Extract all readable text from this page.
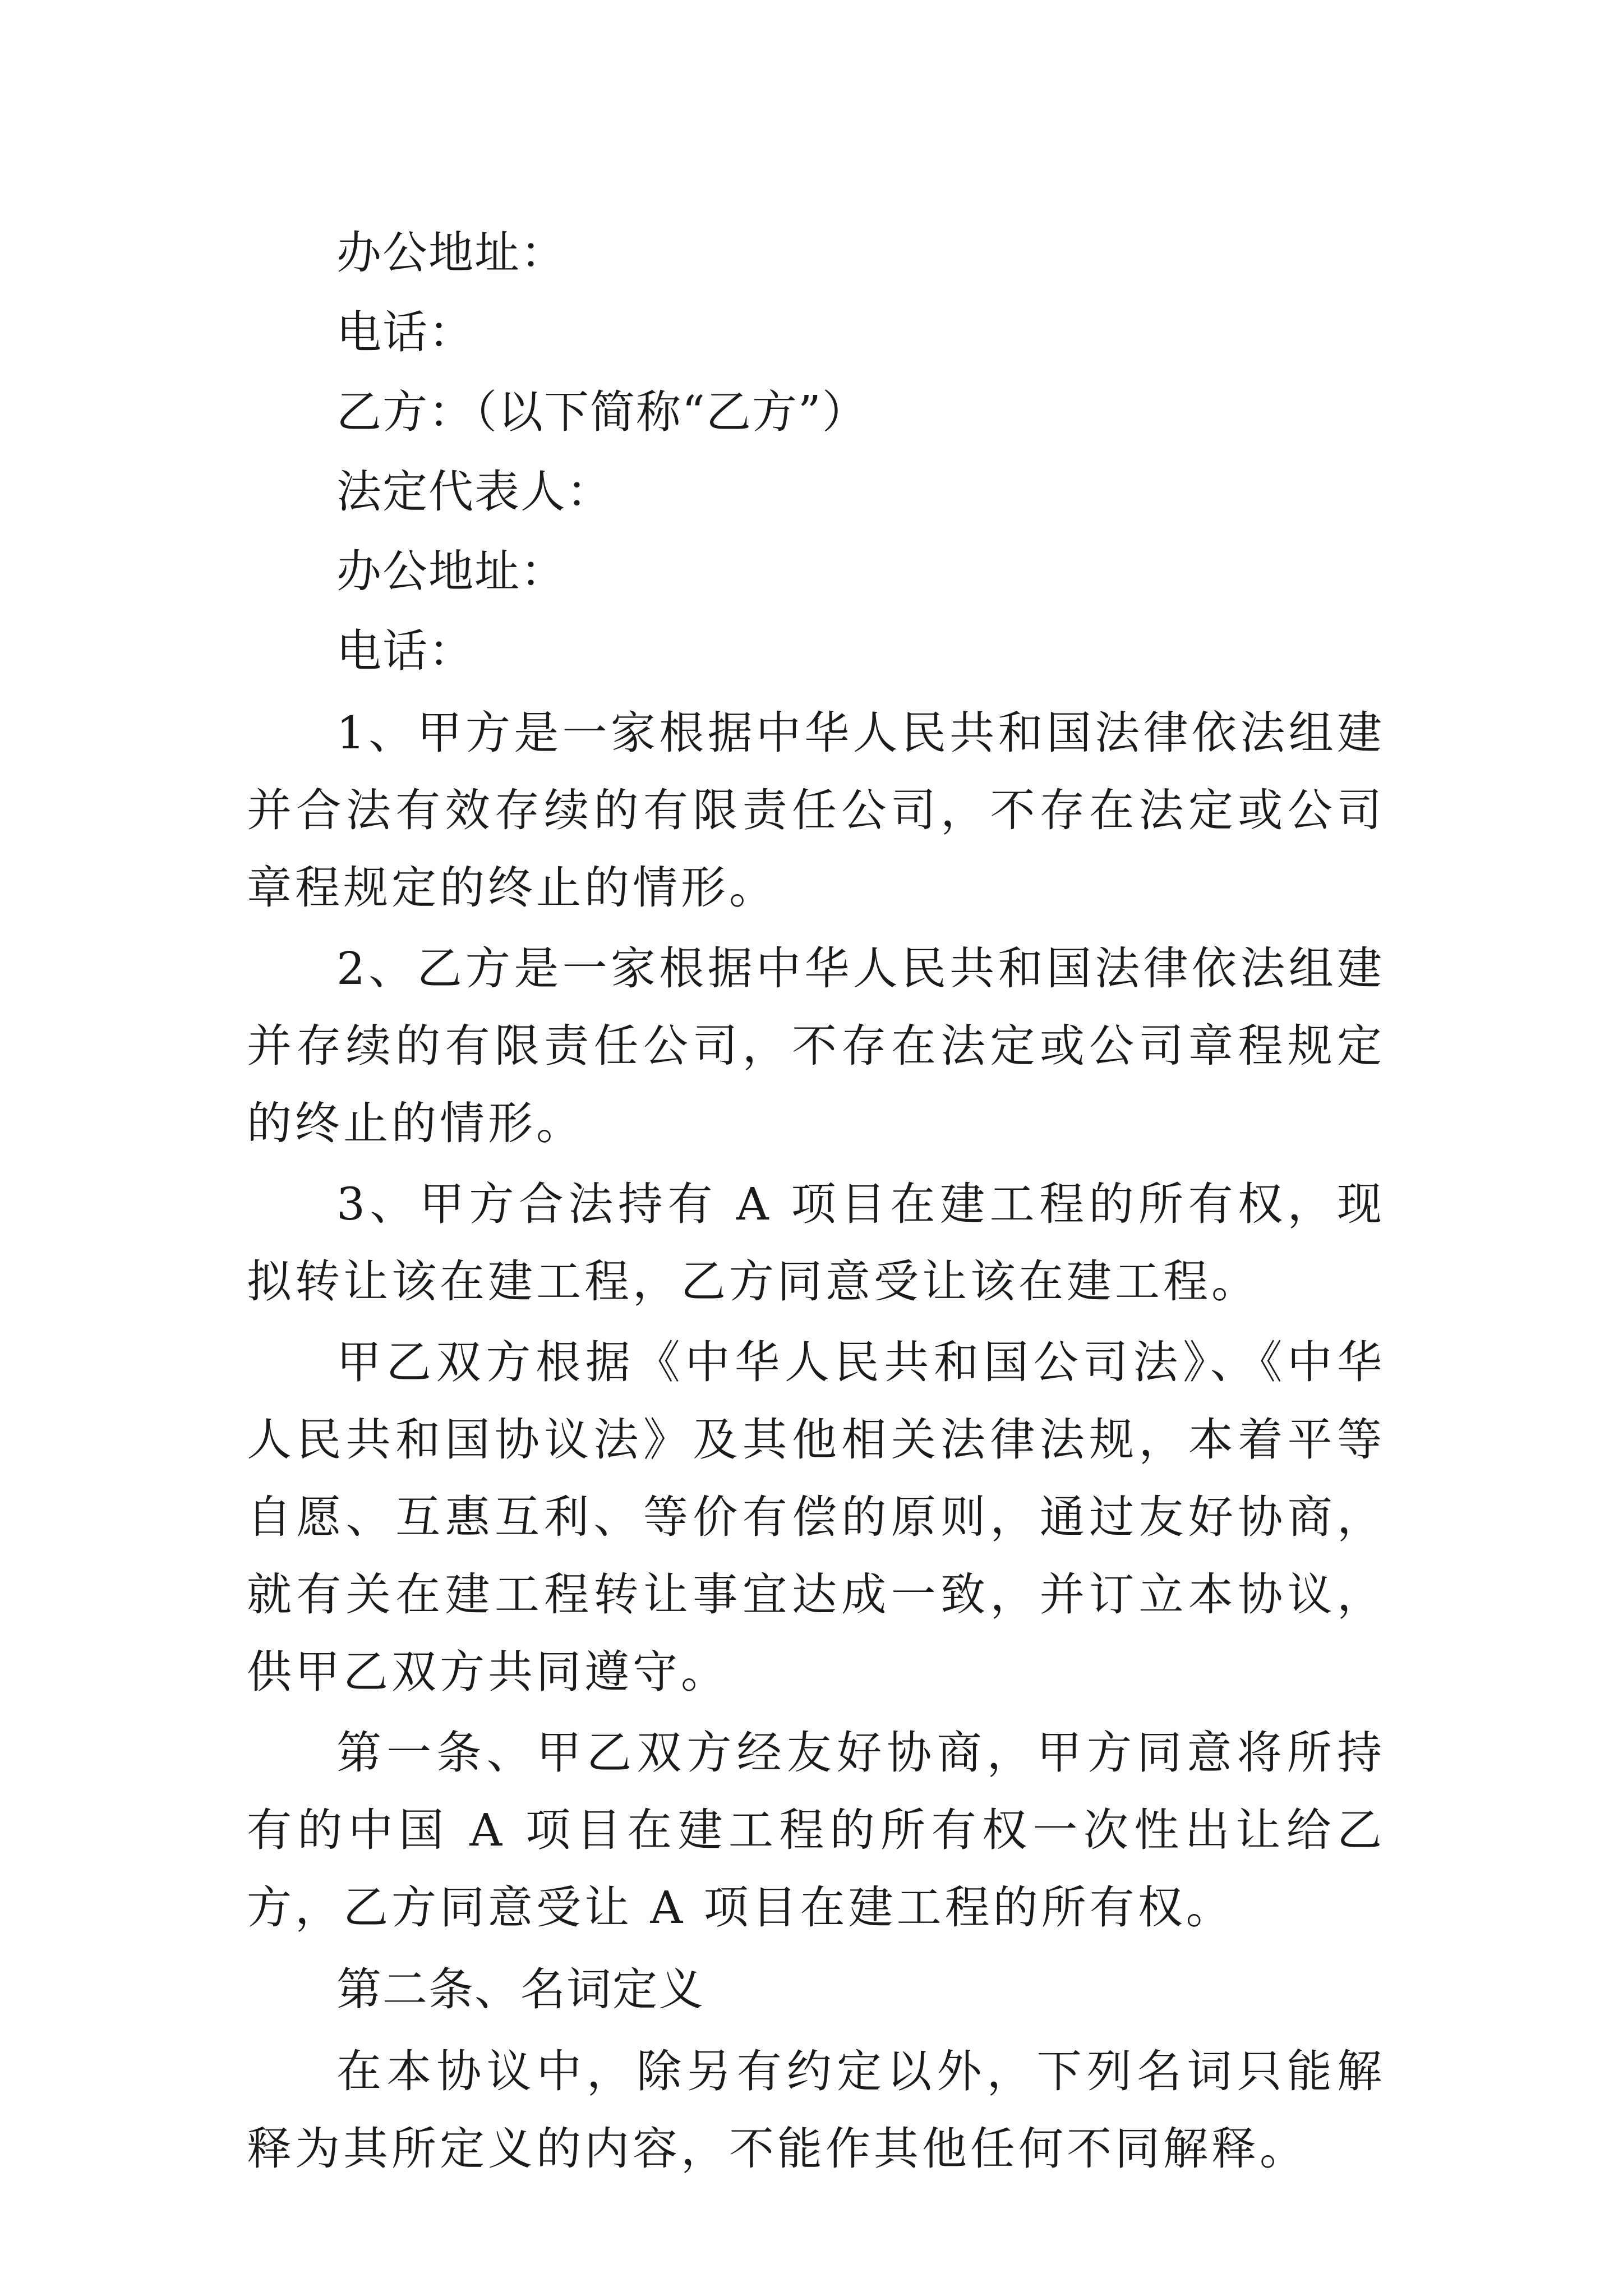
办公地址：

电话：

乙方：（以下简称“乙方”）

法定代表人：

办公地址：

电话：

1、甲方是一家根据中华人民共和国法律依法组建并合法有效存续的有限责任公司，不存在法定或公司章程规定的终止的情形。

2、乙方是一家根据中华人民共和国法律依法组建并存续的有限责任公司，不存在法定或公司章程规定的终止的情形。

3、甲方合法持有 A 项目在建工程的所有权，现拟转让该在建工程，乙方同意受让该在建工程。

甲乙双方根据《中华人民共和国公司法》、《中华人民共和国协议法》及其他相关法律法规，本着平等自愿、互惠互利、等价有偿的原则，通过友好协商，就有关在建工程转让事宜达成一致，并订立本协议，供甲乙双方共同遵守。

第一条、甲乙双方经友好协商，甲方同意将所持有的中国 A 项目在建工程的所有权一次性出让给乙方，乙方同意受让 A 项目在建工程的所有权。

第二条、名词定义

在本协议中，除另有约定以外，下列名词只能解释为其所定义的内容，不能作其他任何不同解释。
